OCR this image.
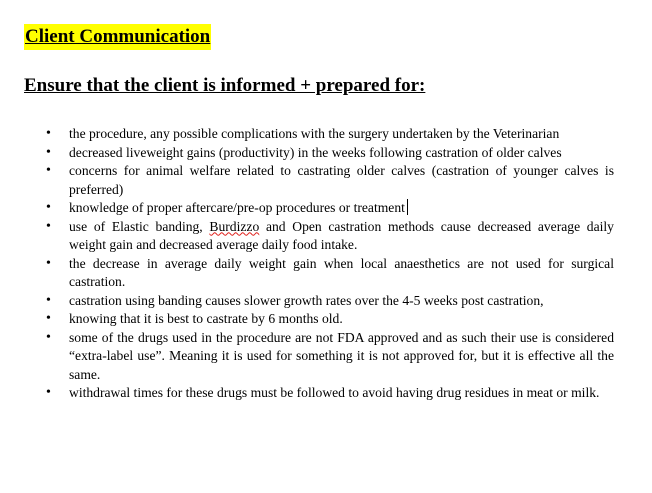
Client Communication
Ensure that the client is informed + prepared for:
• the procedure, any possible complications with the surgery undertaken by the Veterinarian
• decreased liveweight gains (productivity) in the weeks following castration of older calves
• concerns for animal welfare related to castrating older calves (castration of younger calves is preferred)
• knowledge of proper aftercare/pre-op procedures or treatment
• use of Elastic banding, Burdizzo and Open castration methods cause decreased average daily weight gain and decreased average daily food intake.
• the decrease in average daily weight gain when local anaesthetics are not used for surgical castration.
• castration using banding causes slower growth rates over the 4-5 weeks post castration,
• knowing that it is best to castrate by 6 months old.
• some of the drugs used in the procedure are not FDA approved and as such their use is considered “extra-label use”. Meaning it is used for something it is not approved for, but it is effective all the same.
• withdrawal times for these drugs must be followed to avoid having drug residues in meat or milk.
